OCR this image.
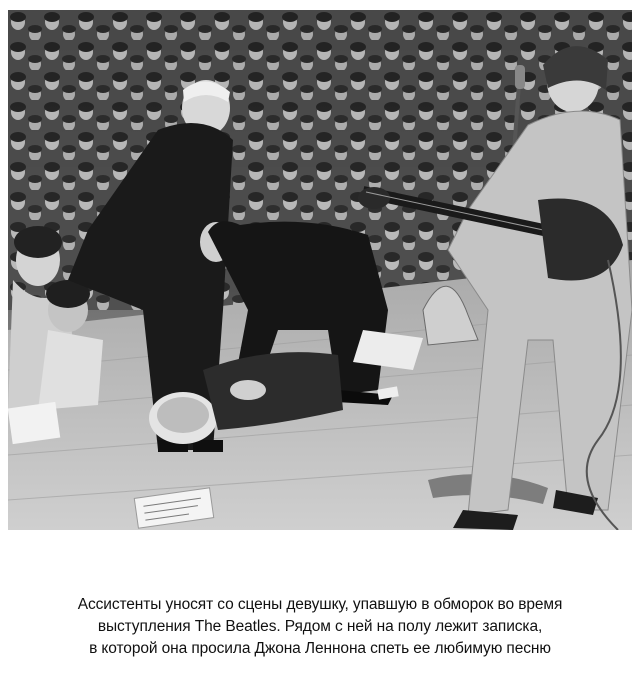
Ассистенты уносят со сцены девушку, упавшую в обморок во время
выступления The Beatles. Рядом с ней на полу лежит записка,
в которой она просила Джона Леннона спеть ее любимую песню
